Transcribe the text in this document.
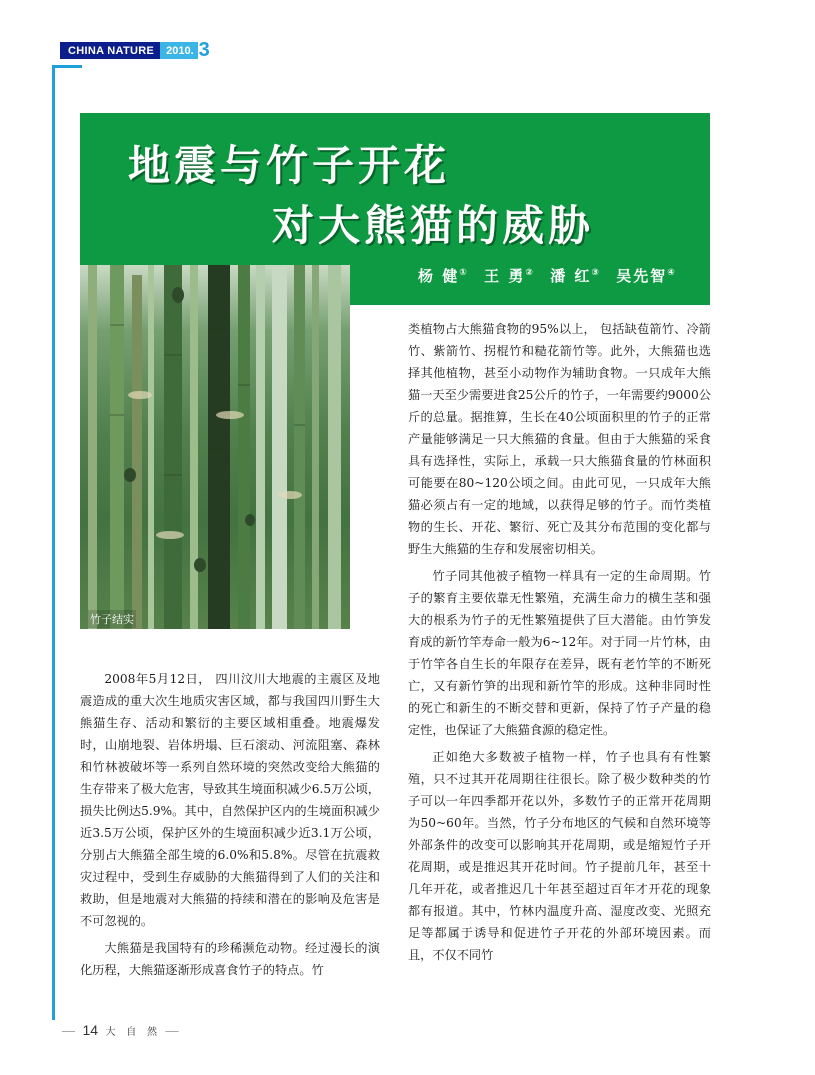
CHINA NATURE	2010. 3
地震与竹子开花
对大熊猫的威胁
杨 健① 王 勇② 潘 红③ 吴先智④
竹子结实

2008年5月12日， 四川汶川大地震的主震区及地震造成的重大次生地质灾害区域，都与我国四川野生大熊猫生存、活动和繁衍的主要区域相重叠。地震爆发时，山崩地裂、岩体坍塌、巨石滚动、河流阻塞、森林和竹林被破坏等一系列自然环境的突然改变给大熊猫的生存带来了极大危害，导致其生境面积减少6.5万公顷，损失比例达5.9%。其中，自然保护区内的生境面积减少近3.5万公顷，保护区外的生境面积减少近3.1万公顷，分别占大熊猫全部生境的6.0%和5.8%。尽管在抗震救灾过程中，受到生存威胁的大熊猫得到了人们的关注和救助，但是地震对大熊猫的持续和潜在的影响及危害是不可忽视的。

大熊猫是我国特有的珍稀濒危动物。经过漫长的演化历程，大熊猫逐渐形成喜食竹子的特点。竹

类植物占大熊猫食物的95%以上， 包括缺苞箭竹、冷箭竹、紫箭竹、拐棍竹和糙花箭竹等。此外，大熊猫也选择其他植物，甚至小动物作为辅助食物。一只成年大熊猫一天至少需要进食25公斤的竹子，一年需要约9000公斤的总量。据推算，生长在40公顷面积里的竹子的正常产量能够满足一只大熊猫的食量。但由于大熊猫的采食具有选择性，实际上，承载一只大熊猫食量的竹林面积可能要在80~120公顷之间。由此可见，一只成年大熊猫必须占有一定的地域，以获得足够的竹子。而竹类植物的生长、开花、繁衍、死亡及其分布范围的变化都与野生大熊猫的生存和发展密切相关。

竹子同其他被子植物一样具有一定的生命周期。竹子的繁育主要依靠无性繁殖，充满生命力的横生茎和强大的根系为竹子的无性繁殖提供了巨大潜能。由竹笋发育成的新竹竿寿命一般为6~12年。对于同一片竹林，由于竹竿各自生长的年限存在差异，既有老竹竿的不断死亡，又有新竹笋的出现和新竹竿的形成。这种非同时性的死亡和新生的不断交替和更新，保持了竹子产量的稳定性，也保证了大熊猫食源的稳定性。

正如绝大多数被子植物一样，竹子也具有有性繁殖，只不过其开花周期往往很长。除了极少数种类的竹子可以一年四季都开花以外，多数竹子的正常开花周期为50~60年。当然，竹子分布地区的气候和自然环境等外部条件的改变可以影响其开花周期，或是缩短竹子开花周期，或是推迟其开花时间。竹子提前几年，甚至十几年开花，或者推迟几十年甚至超过百年才开花的现象都有报道。其中，竹林内温度升高、湿度改变、光照充足等都属于诱导和促进竹子开花的外部环境因素。而且，不仅不同竹

— 14 大 自 然 —
